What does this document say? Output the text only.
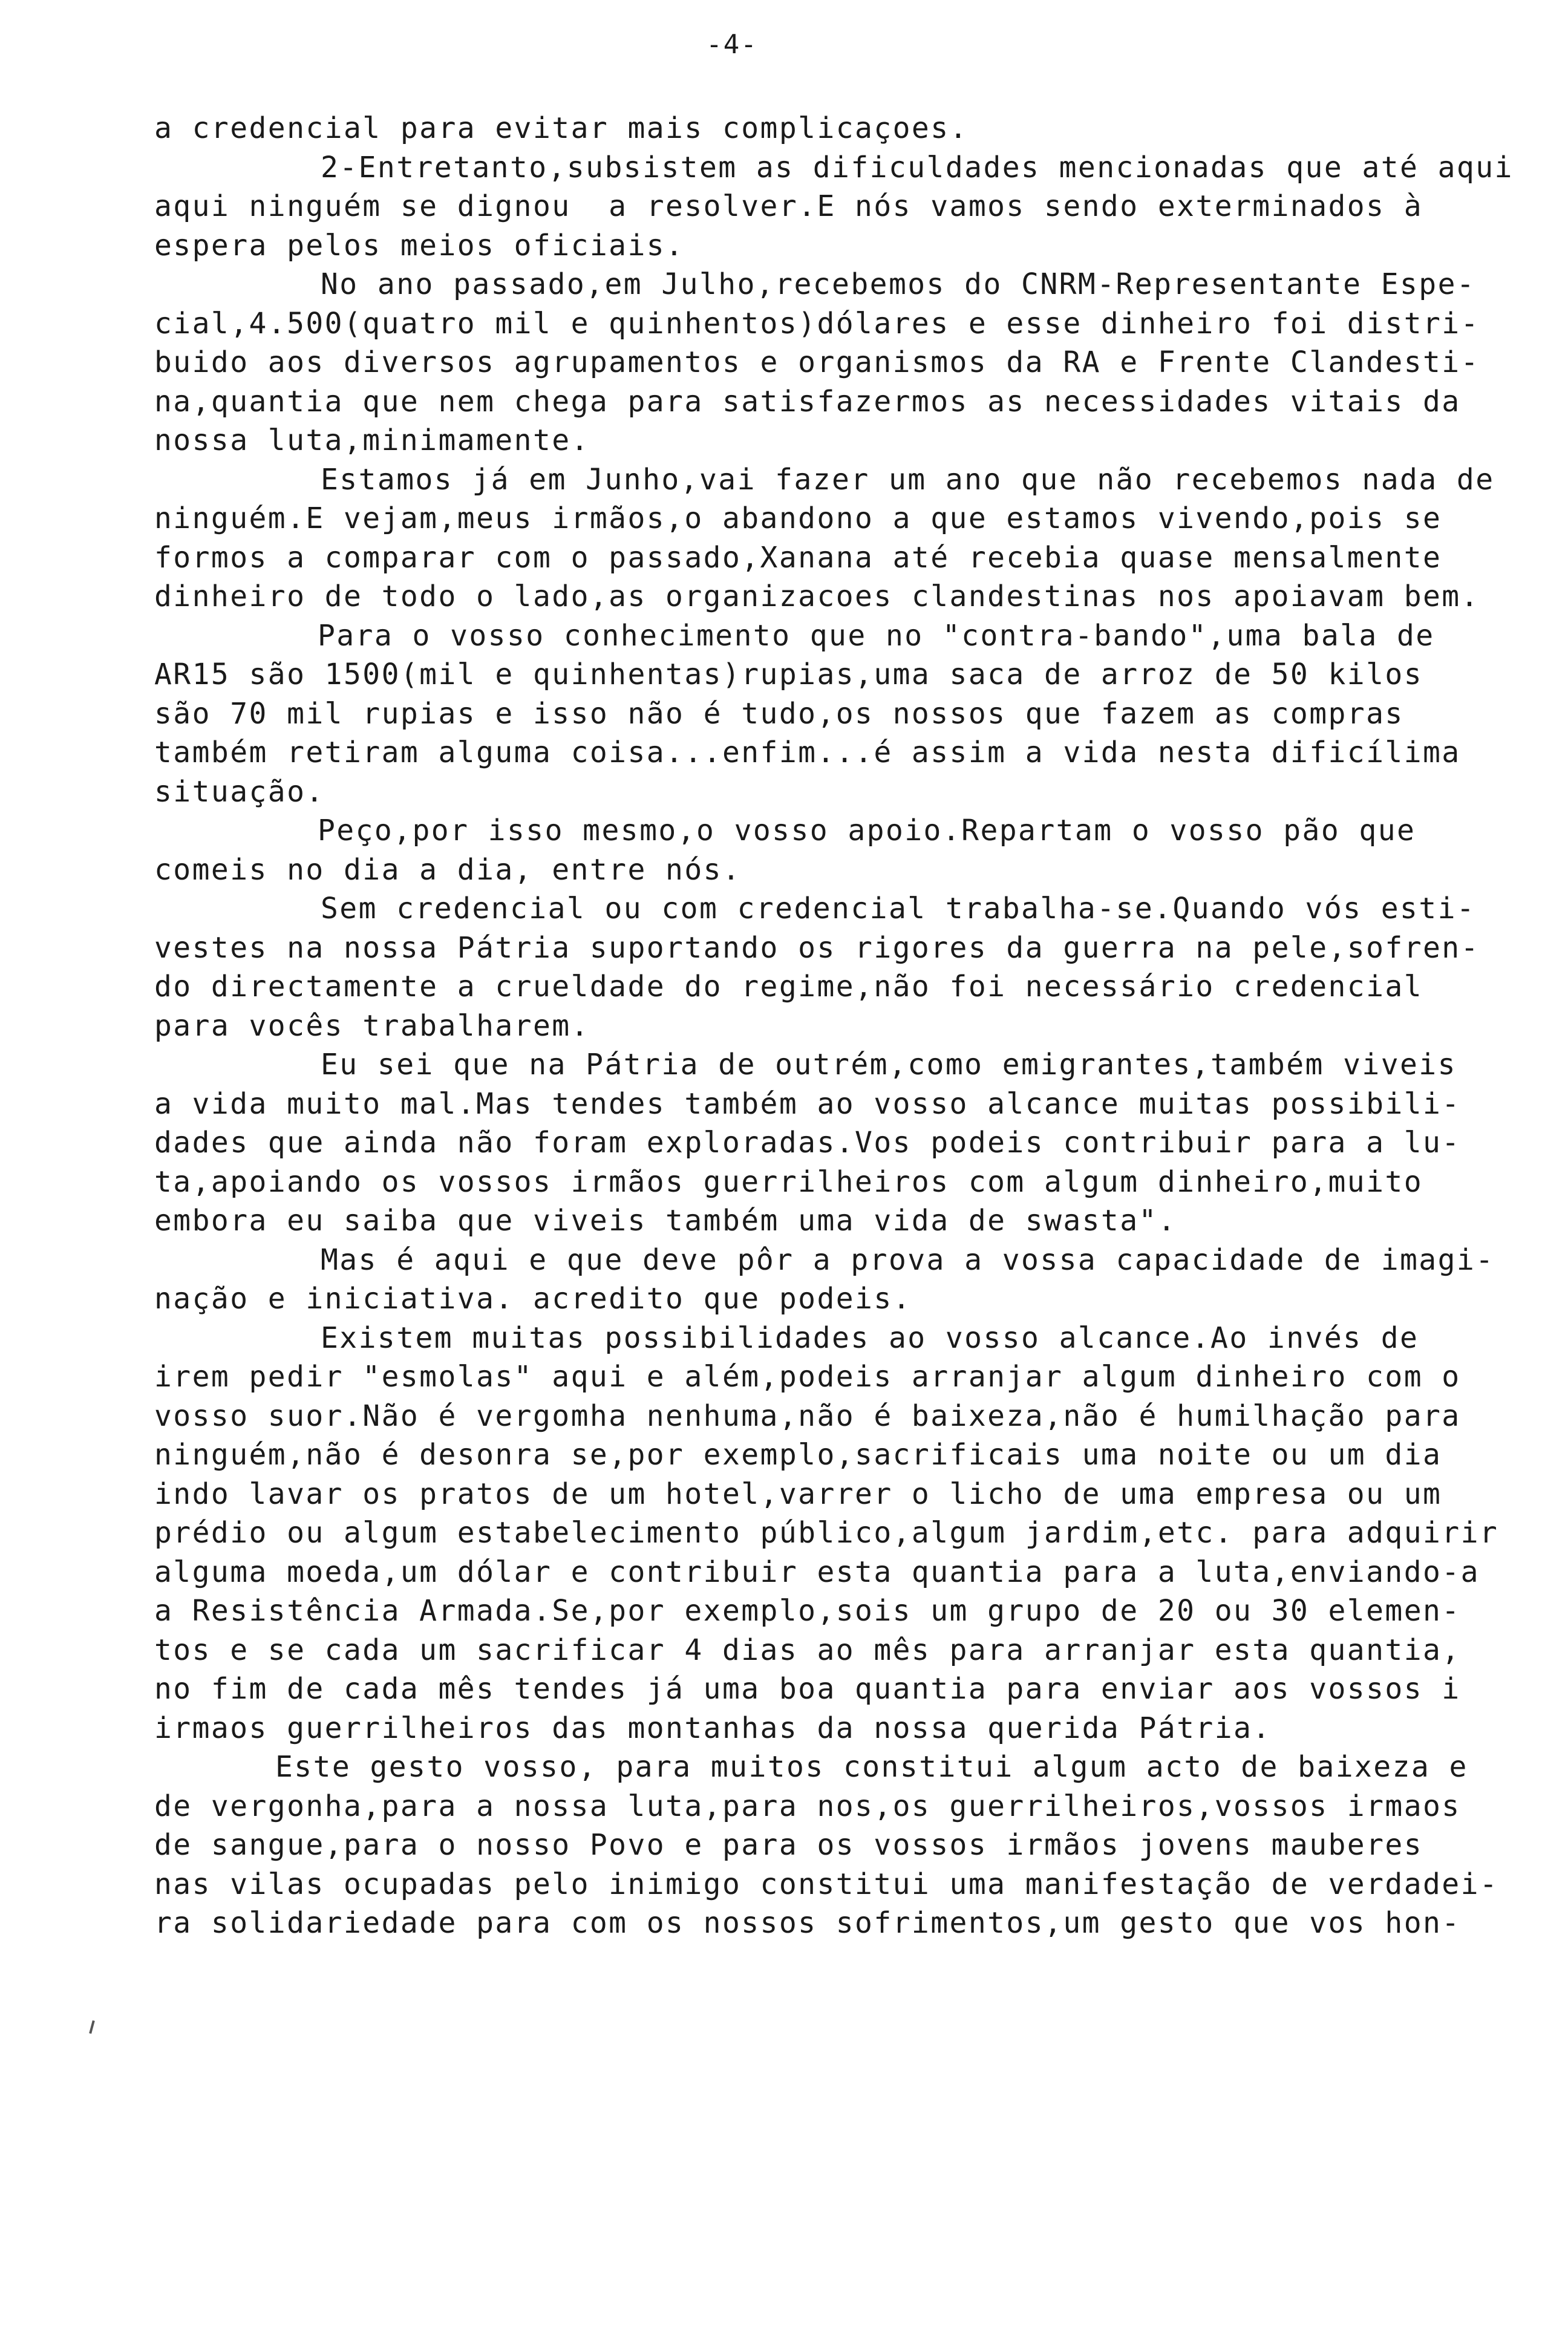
-4-
a credencial para evitar mais complicaçoes.
2-Entretanto,subsistem as dificuldades mencionadas que até aqui
aqui ninguém se dignou  a resolver.E nós vamos sendo exterminados à
espera pelos meios oficiais.
No ano passado,em Julho,recebemos do CNRM-Representante Espe-
cial,4.500(quatro mil e quinhentos)dólares e esse dinheiro foi distri-
buido aos diversos agrupamentos e organismos da RA e Frente Clandesti-
na,quantia que nem chega para satisfazermos as necessidades vitais da
nossa luta,minimamente.
Estamos já em Junho,vai fazer um ano que não recebemos nada de
ninguém.E vejam,meus irmãos,o abandono a que estamos vivendo,pois se
formos a comparar com o passado,Xanana até recebia quase mensalmente
dinheiro de todo o lado,as organizacoes clandestinas nos apoiavam bem.
Para o vosso conhecimento que no "contra-bando",uma bala de
AR15 são 1500(mil e quinhentas)rupias,uma saca de arroz de 50 kilos
são 70 mil rupias e isso não é tudo,os nossos que fazem as compras
também retiram alguma coisa...enfim...é assim a vida nesta dificílima
situação.
Peço,por isso mesmo,o vosso apoio.Repartam o vosso pão que
comeis no dia a dia, entre nós.
Sem credencial ou com credencial trabalha-se.Quando vós esti-
vestes na nossa Pátria suportando os rigores da guerra na pele,sofren-
do directamente a crueldade do regime,não foi necessário credencial
para vocês trabalharem.
Eu sei que na Pátria de outrém,como emigrantes,também viveis
a vida muito mal.Mas tendes também ao vosso alcance muitas possibili-
dades que ainda não foram exploradas.Vos podeis contribuir para a lu-
ta,apoiando os vossos irmãos guerrilheiros com algum dinheiro,muito
embora eu saiba que viveis também uma vida de swasta".
Mas é aqui e que deve pôr a prova a vossa capacidade de imagi-
nação e iniciativa. acredito que podeis.
Existem muitas possibilidades ao vosso alcance.Ao invés de
irem pedir "esmolas" aqui e além,podeis arranjar algum dinheiro com o
vosso suor.Não é vergomha nenhuma,não é baixeza,não é humilhação para
ninguém,não é desonra se,por exemplo,sacrificais uma noite ou um dia
indo lavar os pratos de um hotel,varrer o licho de uma empresa ou um
prédio ou algum estabelecimento público,algum jardim,etc. para adquirir
alguma moeda,um dólar e contribuir esta quantia para a luta,enviando-a
a Resistência Armada.Se,por exemplo,sois um grupo de 20 ou 30 elemen-
tos e se cada um sacrificar 4 dias ao mês para arranjar esta quantia,
no fim de cada mês tendes já uma boa quantia para enviar aos vossos i
irmaos guerrilheiros das montanhas da nossa querida Pátria.
Este gesto vosso, para muitos constitui algum acto de baixeza e
de vergonha,para a nossa luta,para nos,os guerrilheiros,vossos irmaos
de sangue,para o nosso Povo e para os vossos irmãos jovens mauberes
nas vilas ocupadas pelo inimigo constitui uma manifestação de verdadei-
ra solidariedade para com os nossos sofrimentos,um gesto que vos hon-
